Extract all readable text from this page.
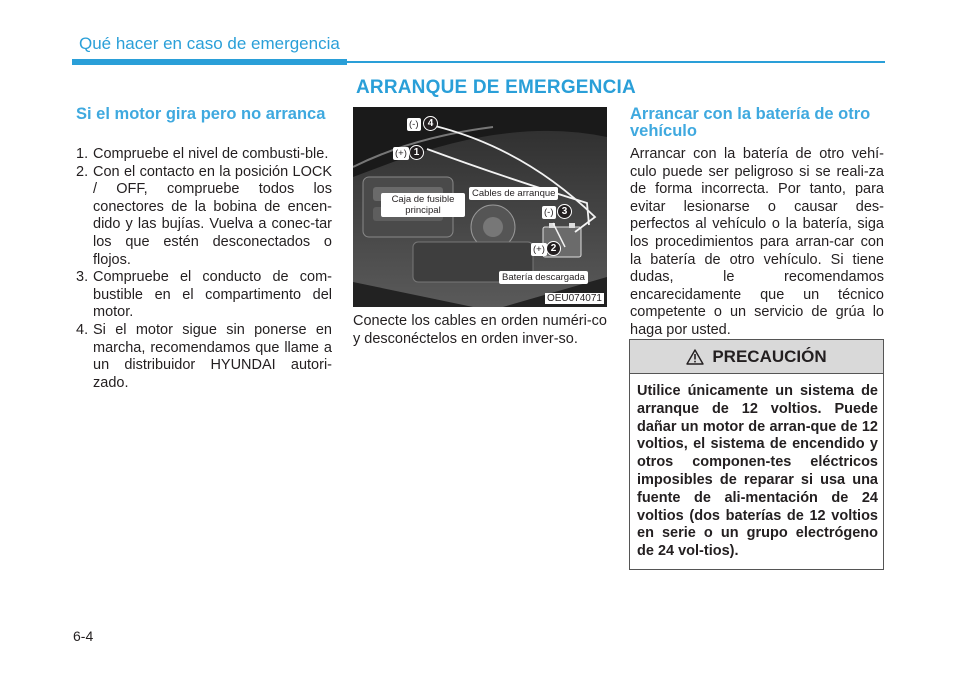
Qué hacer en caso de emergencia
ARRANQUE DE EMERGENCIA
Si el motor gira pero no arranca
1. Compruebe el nivel de combusti-ble.
2. Con el contacto en la posición LOCK / OFF, compruebe todos los conectores de la bobina de encen-dido y las bujías. Vuelva a conec-tar los que estén desconectados o flojos.
3. Compruebe el conducto de com-bustible en el compartimento del motor.
4. Si el motor sigue sin ponerse en marcha, recomendamos que llame a un distribuidor HYUNDAI autori-zado.
(-) 4
(+) 1
Caja de fusible principal
Cables de arranque
(-) 3
(+) 2
Batería descargada
OEU074071
Conecte los cables en orden numéri-co y desconéctelos en orden inver-so.
Arrancar con la batería de otro vehículo
Arrancar con la batería de otro vehí-culo puede ser peligroso si se reali-za de forma incorrecta. Por tanto, para evitar lesionarse o causar des-perfectos al vehículo o la batería, siga los procedimientos para arran-car con la batería de otro vehículo. Si tiene dudas, le recomendamos encarecidamente que un técnico competente o un servicio de grúa lo haga por usted.
PRECAUCIÓN
Utilice únicamente un sistema de arranque de 12 voltios. Puede dañar un motor de arran-que de 12 voltios, el sistema de encendido y otros componen-tes eléctricos imposibles de reparar si usa una fuente de ali-mentación de 24 voltios (dos baterías de 12 voltios en serie o un grupo electrógeno de 24 vol-tios).
6-4
